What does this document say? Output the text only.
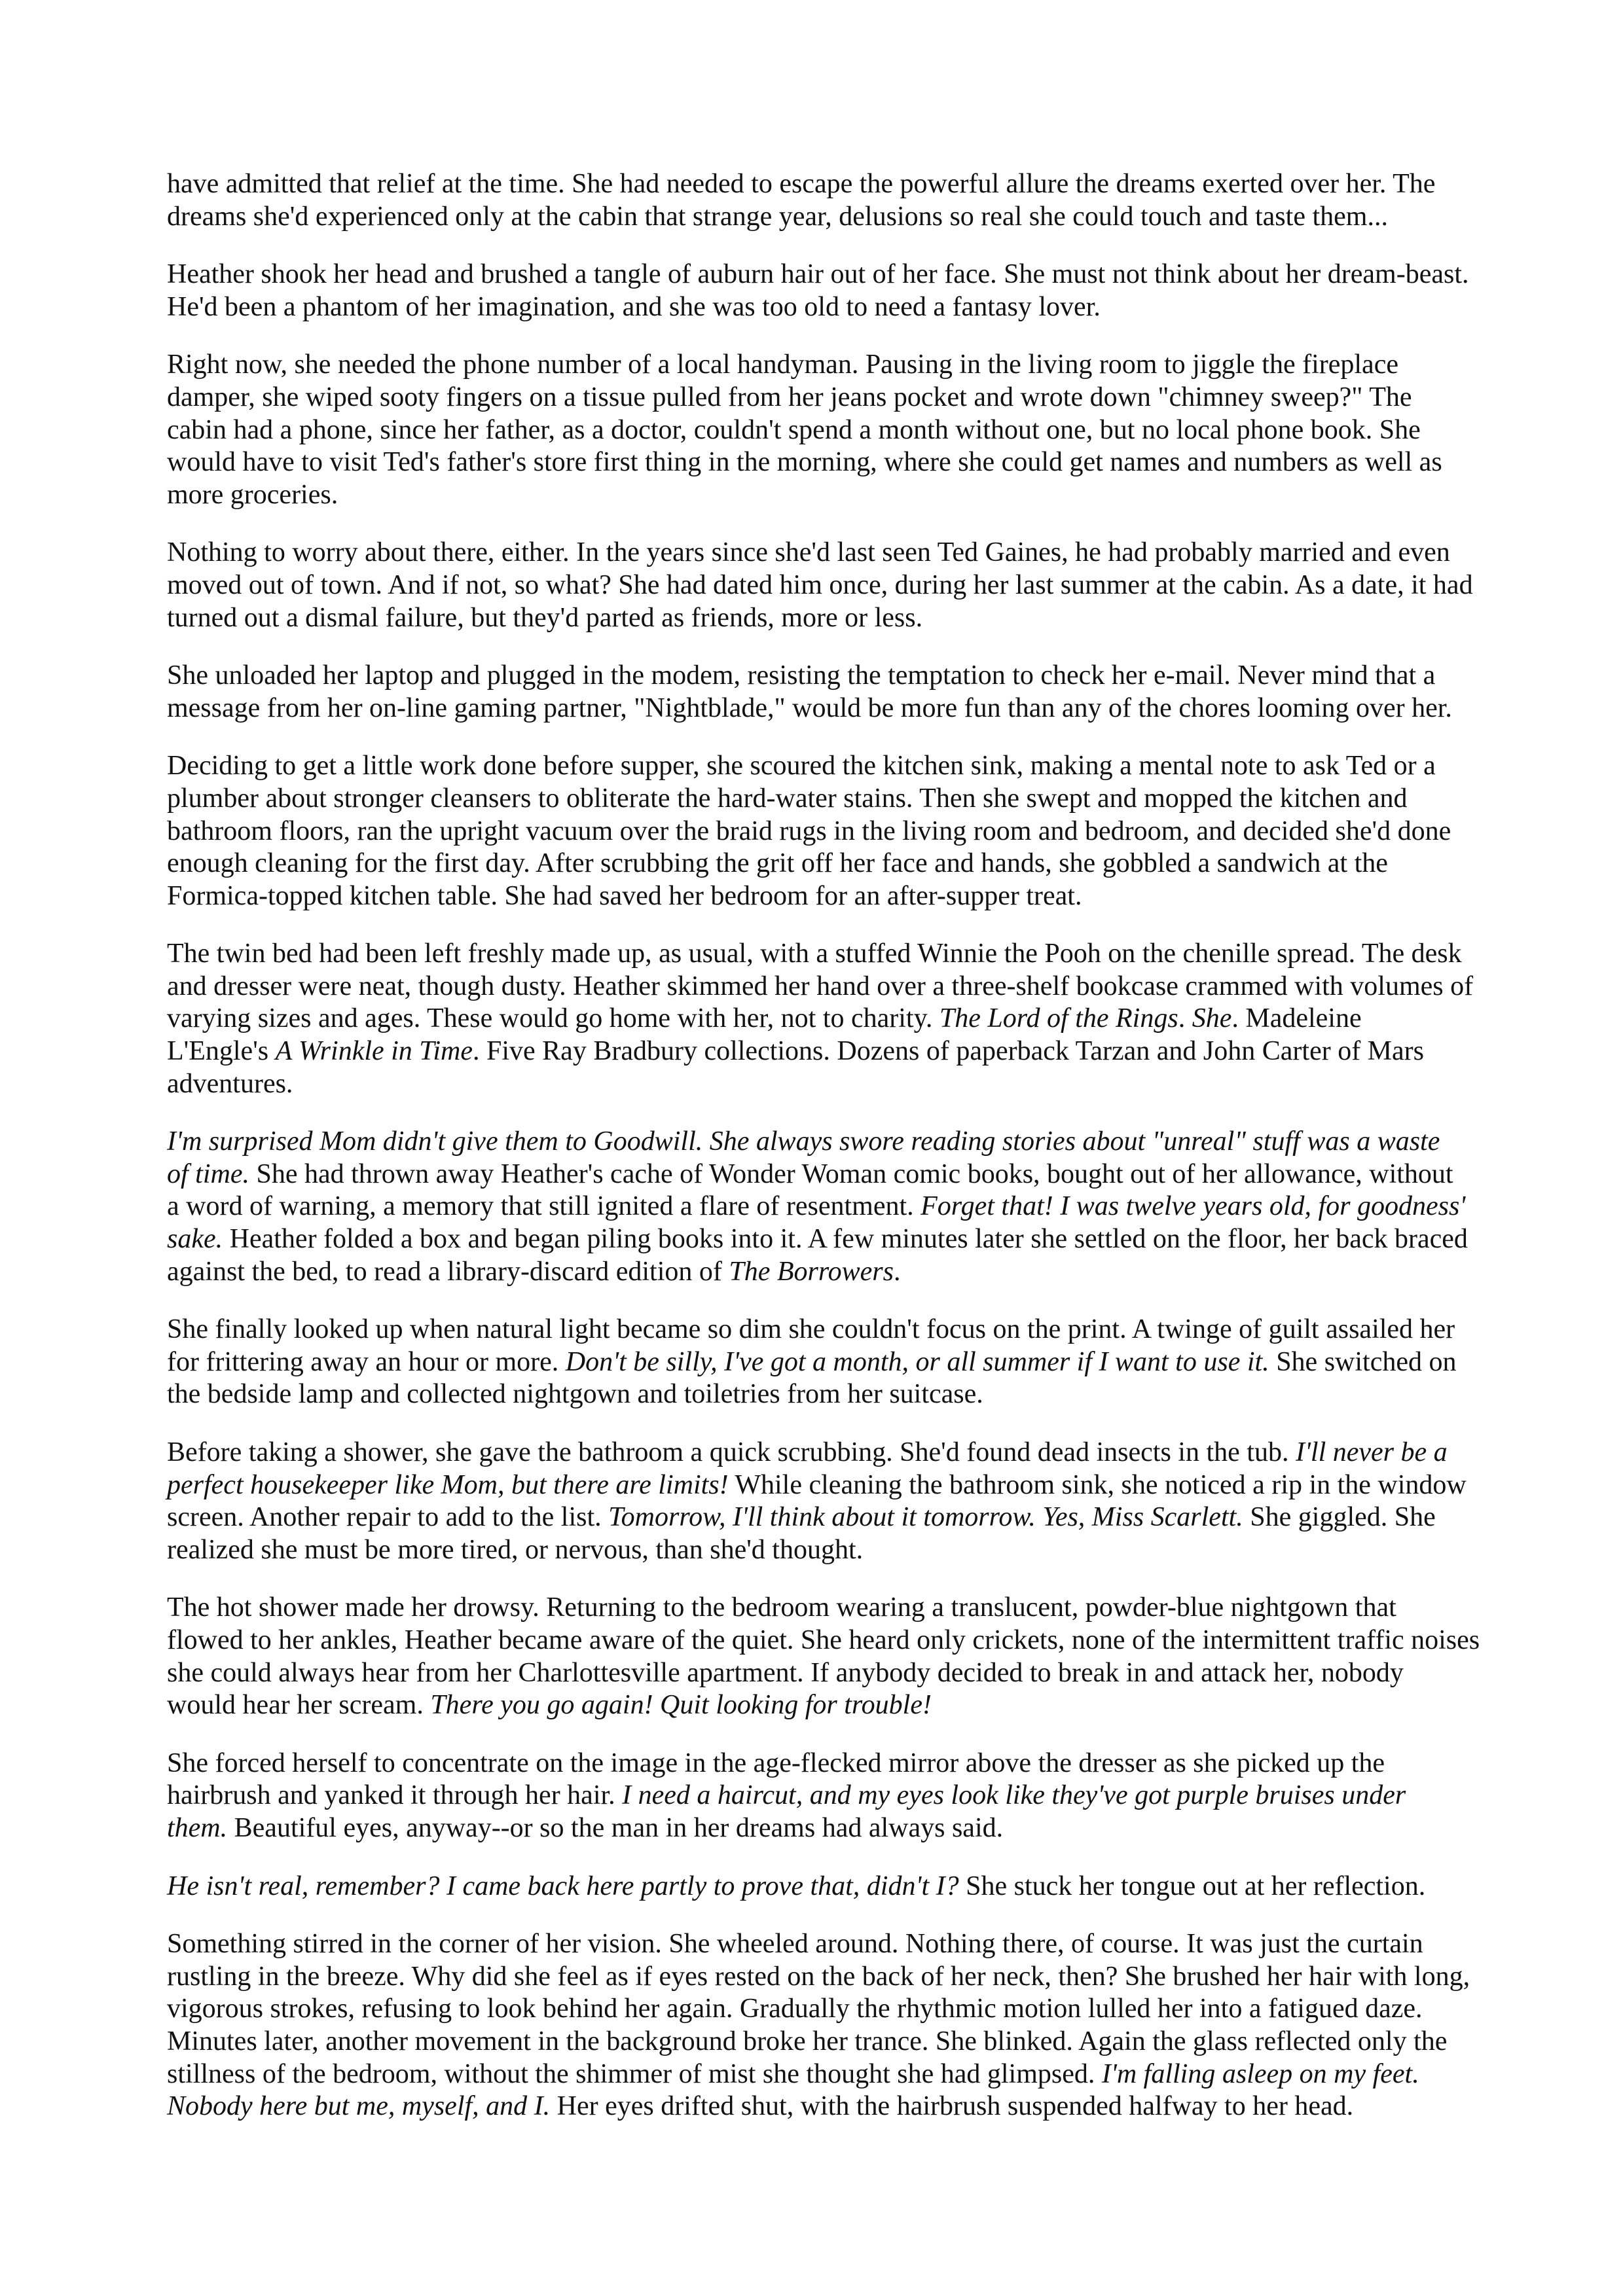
have admitted that relief at the time. She had needed to escape the powerful allure the dreams exerted over her. The
dreams she'd experienced only at the cabin that strange year, delusions so real she could touch and taste them...
Heather shook her head and brushed a tangle of auburn hair out of her face. She must not think about her dream-beast.
He'd been a phantom of her imagination, and she was too old to need a fantasy lover.
Right now, she needed the phone number of a local handyman. Pausing in the living room to jiggle the fireplace
damper, she wiped sooty fingers on a tissue pulled from her jeans pocket and wrote down "chimney sweep?" The
cabin had a phone, since her father, as a doctor, couldn't spend a month without one, but no local phone book. She
would have to visit Ted's father's store first thing in the morning, where she could get names and numbers as well as
more groceries.
Nothing to worry about there, either. In the years since she'd last seen Ted Gaines, he had probably married and even
moved out of town. And if not, so what? She had dated him once, during her last summer at the cabin. As a date, it had
turned out a dismal failure, but they'd parted as friends, more or less.
She unloaded her laptop and plugged in the modem, resisting the temptation to check her e-mail. Never mind that a
message from her on-line gaming partner, "Nightblade," would be more fun than any of the chores looming over her.
Deciding to get a little work done before supper, she scoured the kitchen sink, making a mental note to ask Ted or a
plumber about stronger cleansers to obliterate the hard-water stains. Then she swept and mopped the kitchen and
bathroom floors, ran the upright vacuum over the braid rugs in the living room and bedroom, and decided she'd done
enough cleaning for the first day. After scrubbing the grit off her face and hands, she gobbled a sandwich at the
Formica-topped kitchen table. She had saved her bedroom for an after-supper treat.
The twin bed had been left freshly made up, as usual, with a stuffed Winnie the Pooh on the chenille spread. The desk
and dresser were neat, though dusty. Heather skimmed her hand over a three-shelf bookcase crammed with volumes of
varying sizes and ages. These would go home with her, not to charity. The Lord of the Rings. She. Madeleine
L'Engle's A Wrinkle in Time. Five Ray Bradbury collections. Dozens of paperback Tarzan and John Carter of Mars
adventures.
I'm surprised Mom didn't give them to Goodwill. She always swore reading stories about "unreal" stuff was a waste
of time. She had thrown away Heather's cache of Wonder Woman comic books, bought out of her allowance, without
a word of warning, a memory that still ignited a flare of resentment. Forget that! I was twelve years old, for goodness'
sake. Heather folded a box and began piling books into it. A few minutes later she settled on the floor, her back braced
against the bed, to read a library-discard edition of The Borrowers.
She finally looked up when natural light became so dim she couldn't focus on the print. A twinge of guilt assailed her
for frittering away an hour or more. Don't be silly, I've got a month, or all summer if I want to use it. She switched on
the bedside lamp and collected nightgown and toiletries from her suitcase.
Before taking a shower, she gave the bathroom a quick scrubbing. She'd found dead insects in the tub. I'll never be a
perfect housekeeper like Mom, but there are limits! While cleaning the bathroom sink, she noticed a rip in the window
screen. Another repair to add to the list. Tomorrow, I'll think about it tomorrow. Yes, Miss Scarlett. She giggled. She
realized she must be more tired, or nervous, than she'd thought.
The hot shower made her drowsy. Returning to the bedroom wearing a translucent, powder-blue nightgown that
flowed to her ankles, Heather became aware of the quiet. She heard only crickets, none of the intermittent traffic noises
she could always hear from her Charlottesville apartment. If anybody decided to break in and attack her, nobody
would hear her scream. There you go again! Quit looking for trouble!
She forced herself to concentrate on the image in the age-flecked mirror above the dresser as she picked up the
hairbrush and yanked it through her hair. I need a haircut, and my eyes look like they've got purple bruises under
them. Beautiful eyes, anyway--or so the man in her dreams had always said.
He isn't real, remember? I came back here partly to prove that, didn't I? She stuck her tongue out at her reflection.
Something stirred in the corner of her vision. She wheeled around. Nothing there, of course. It was just the curtain
rustling in the breeze. Why did she feel as if eyes rested on the back of her neck, then? She brushed her hair with long,
vigorous strokes, refusing to look behind her again. Gradually the rhythmic motion lulled her into a fatigued daze.
Minutes later, another movement in the background broke her trance. She blinked. Again the glass reflected only the
stillness of the bedroom, without the shimmer of mist she thought she had glimpsed. I'm falling asleep on my feet.
Nobody here but me, myself, and I. Her eyes drifted shut, with the hairbrush suspended halfway to her head.
